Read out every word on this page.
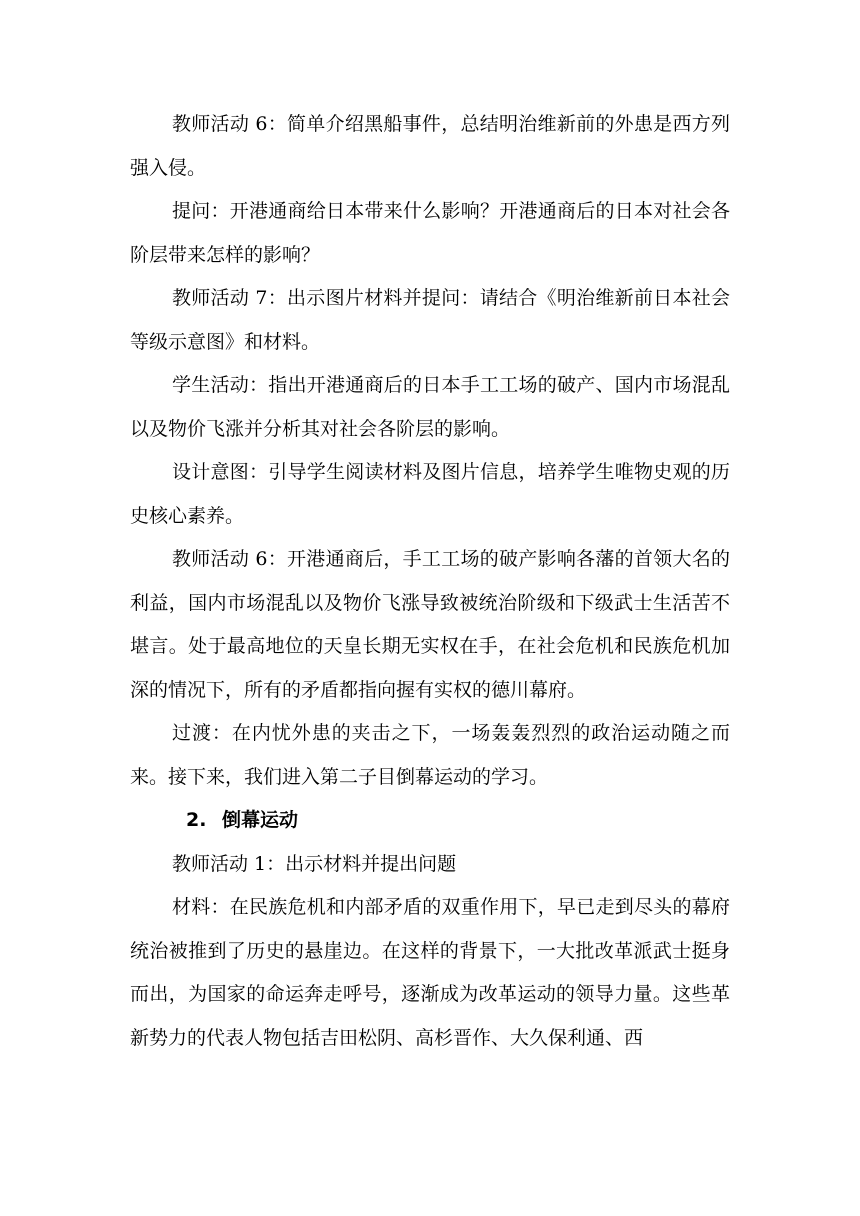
教师活动 6：简单介绍黑船事件，总结明治维新前的外患是西方列强入侵。

提问：开港通商给日本带来什么影响？开港通商后的日本对社会各阶层带来怎样的影响？

教师活动 7：出示图片材料并提问：请结合《明治维新前日本社会等级示意图》和材料。

学生活动：指出开港通商后的日本手工工场的破产、国内市场混乱以及物价飞涨并分析其对社会各阶层的影响。

设计意图：引导学生阅读材料及图片信息，培养学生唯物史观的历史核心素养。

教师活动 6：开港通商后，手工工场的破产影响各藩的首领大名的利益，国内市场混乱以及物价飞涨导致被统治阶级和下级武士生活苦不堪言。处于最高地位的天皇长期无实权在手，在社会危机和民族危机加深的情况下，所有的矛盾都指向握有实权的德川幕府。

过渡：在内忧外患的夹击之下，一场轰轰烈烈的政治运动随之而来。接下来，我们进入第二子目倒幕运动的学习。

2. 倒幕运动

教师活动 1：出示材料并提出问题

材料：在民族危机和内部矛盾的双重作用下，早已走到尽头的幕府统治被推到了历史的悬崖边。在这样的背景下，一大批改革派武士挺身而出，为国家的命运奔走呼号，逐渐成为改革运动的领导力量。这些革新势力的代表人物包括吉田松阴、高杉晋作、大久保利通、西
